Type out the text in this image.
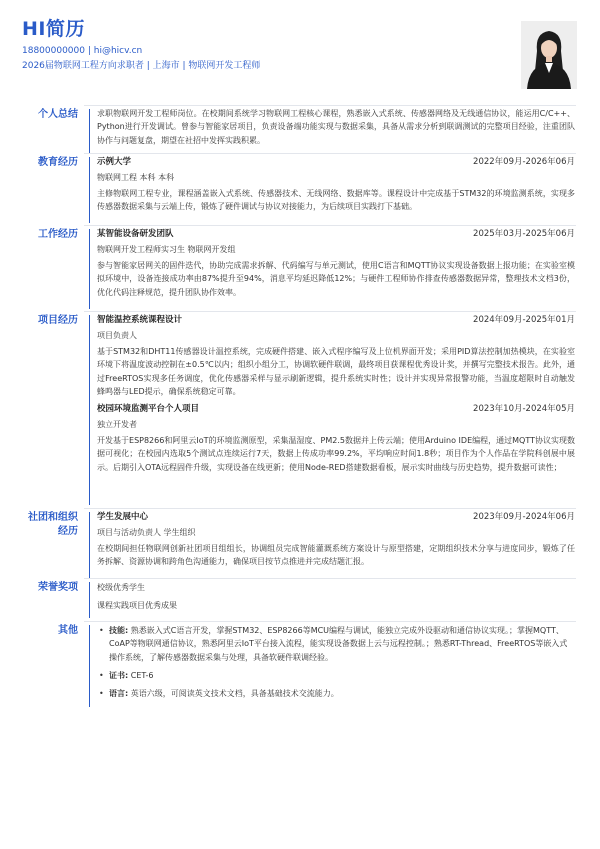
HI简历
18800000000 | hi@hicv.cn
2026届物联网工程方向求职者 | 上海市 | 物联网开发工程师
个人总结 求职物联网开发工程师岗位。在校期间系统学习物联网工程核心课程，熟悉嵌入式系统、传感器网络及无线通信协议，能运用C/C++、Python进行开发调试。曾参与智能家居项目，负责设备端功能实现与数据采集，具备从需求分析到联调测试的完整项目经验，注重团队协作与问题复盘，期望在社招中发挥实践积累。
教育经历 示例大学	2022年09月-2026年06月
物联网工程 本科 本科
主修物联网工程专业，课程涵盖嵌入式系统、传感器技术、无线网络、数据库等。课程设计中完成基于STM32的环境监测系统，实现多传感器数据采集与云端上传，锻炼了硬件调试与协议对接能力，为后续项目实践打下基础。
工作经历 某智能设备研发团队	2025年03月-2025年06月
物联网开发工程师实习生 物联网开发组
参与智能家居网关的固件迭代，协助完成需求拆解、代码编写与单元测试，使用C语言和MQTT协议实现设备数据上报功能；在实验室模拟环境中，设备连接成功率由87%提升至94%，消息平均延迟降低12%；与硬件工程师协作排查传感器数据异常，整理技术文档3份，优化代码注释规范，提升团队协作效率。
项目经历 智能温控系统课程设计	2024年09月-2025年01月
项目负责人
基于STM32和DHT11传感器设计温控系统，完成硬件搭建、嵌入式程序编写及上位机界面开发；采用PID算法控制加热模块，在实验室环境下将温度波动控制在±0.5℃以内；组织小组分工，协调软硬件联调，最终项目获课程优秀设计奖，并撰写完整技术报告。此外，通过FreeRTOS实现多任务调度，优化传感器采样与显示刷新逻辑，提升系统实时性；设计并实现异常报警功能，当温度超限时自动触发蜂鸣器与LED提示，确保系统稳定可靠。
校园环境监测平台个人项目	2023年10月-2024年05月
独立开发者
开发基于ESP8266和阿里云IoT的环境监测原型，采集温湿度、PM2.5数据并上传云端；使用Arduino IDE编程，通过MQTT协议实现数据可视化；在校园内选取5个测试点连续运行7天，数据上传成功率99.2%，平均响应时间1.8秒；项目作为个人作品在学院科创展中展示。后期引入OTA远程固件升级，实现设备在线更新；使用Node-RED搭建数据看板，展示实时曲线与历史趋势，提升数据可读性；
社团和组织经历
学生发展中心	2023年09月-2024年06月
项目与活动负责人 学生组织
在校期间担任物联网创新社团项目组组长，协调组员完成智能灌溉系统方案设计与原型搭建，定期组织技术分享与进度同步，锻炼了任务拆解、资源协调和跨角色沟通能力，确保项目按节点推进并完成结题汇报。
荣誉奖项 校级优秀学生
课程实践项目优秀成果
其他	• 技能: 熟悉嵌入式C语言开发，掌握STM32、ESP8266等MCU编程与调试，能独立完成外设驱动和通信协议实现。；掌握MQTT、CoAP等物联网通信协议，熟悉阿里云IoT平台接入流程，能实现设备数据上云与远程控制。；熟悉RT-Thread、FreeRTOS等嵌入式操作系统，了解传感器数据采集与处理，具备软硬件联调经验。
• 证书: CET-6
• 语言: 英语六级，可阅读英文技术文档，具备基础技术交流能力。
